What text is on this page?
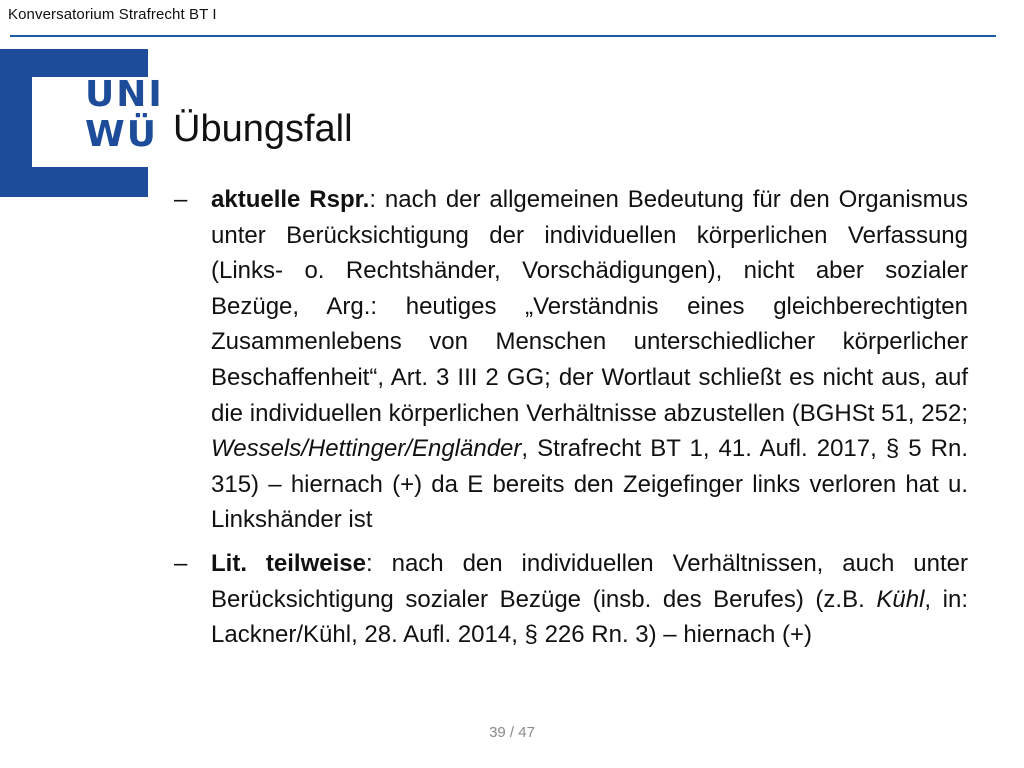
Konversatorium Strafrecht BT I
UNI
WÜ Übungsfall
– aktuelle Rspr.: nach der allgemeinen Bedeutung für den Organismus unter Berücksichtigung der individuellen körperlichen Verfassung (Links- o. Rechtshänder, Vorschädigungen), nicht aber sozialer Bezüge, Arg.: heutiges „Verständnis eines gleichberechtigten Zusammenlebens von Menschen unterschiedlicher körperlicher Beschaffenheit“, Art. 3 III 2 GG; der Wortlaut schließt es nicht aus, auf die individuellen körperlichen Verhältnisse abzustellen (BGHSt 51, 252; Wessels/Hettinger/Engländer, Strafrecht BT 1, 41. Aufl. 2017, § 5 Rn. 315) – hiernach (+) da E bereits den Zeigefinger links verloren hat u. Linkshänder ist
– Lit. teilweise: nach den individuellen Verhältnissen, auch unter Berücksichtigung sozialer Bezüge (insb. des Berufes) (z.B. Kühl, in: Lackner/Kühl, 28. Aufl. 2014, § 226 Rn. 3) – hiernach (+)
39 / 47
